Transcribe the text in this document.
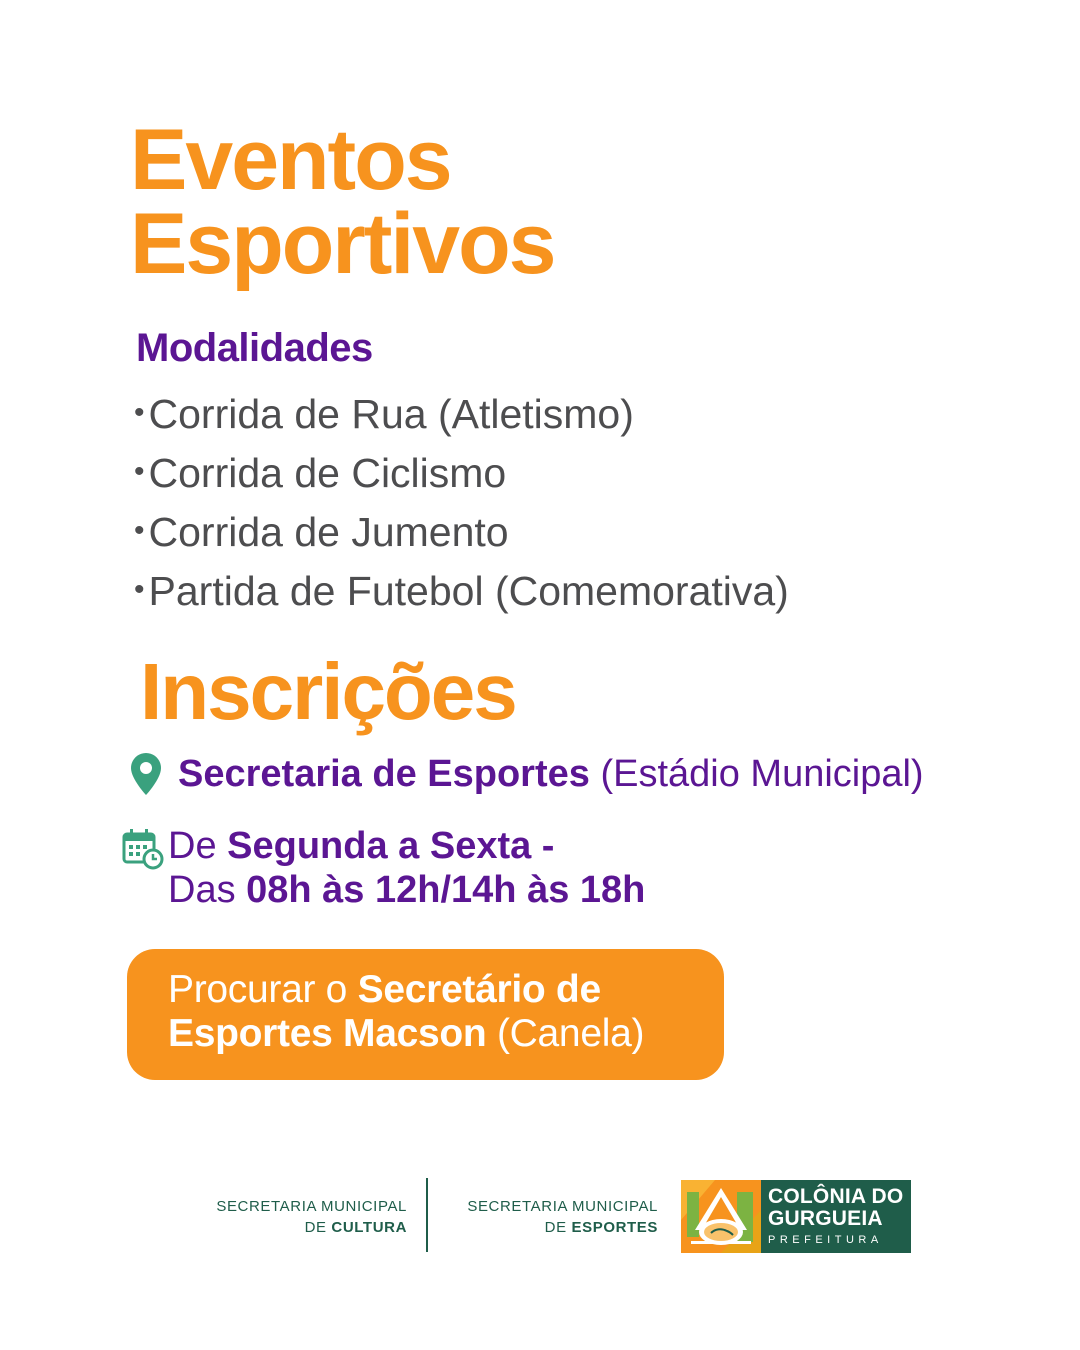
Eventos
Esportivos
Modalidades
•Corrida de Rua (Atletismo)
•Corrida de Ciclismo
•Corrida de Jumento
•Partida de Futebol (Comemorativa)
Inscrições
Secretaria de Esportes (Estádio Municipal)
De Segunda a Sexta -
Das 08h às 12h/14h às 18h
Procurar o Secretário de
Esportes Macson (Canela)
SECRETARIA MUNICIPAL
DE CULTURA
SECRETARIA MUNICIPAL
DE ESPORTES
COLÔNIA DO
GURGUEIA
PREFEITURA
